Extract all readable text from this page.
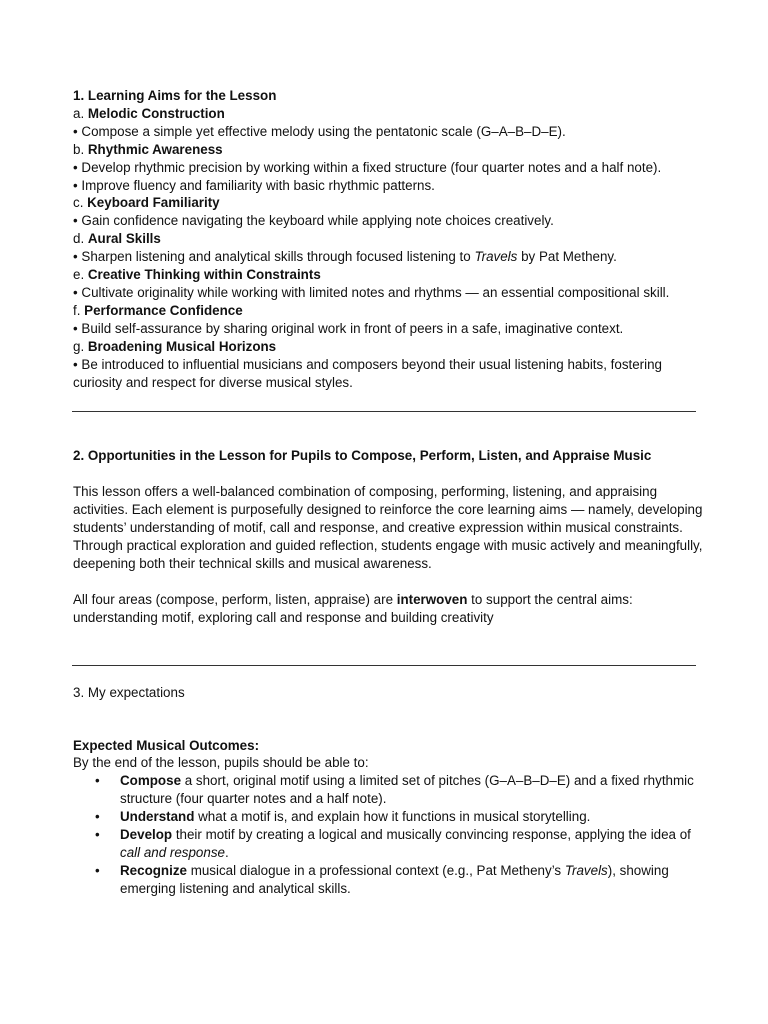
1. Learning Aims for the Lesson

a. Melodic Construction

• Compose a simple yet effective melody using the pentatonic scale (G–A–B–D–E).

b. Rhythmic Awareness

• Develop rhythmic precision by working within a fixed structure (four quarter notes and a half note).

• Improve fluency and familiarity with basic rhythmic patterns.

c. Keyboard Familiarity

• Gain confidence navigating the keyboard while applying note choices creatively.

d. Aural Skills

• Sharpen listening and analytical skills through focused listening to Travels by Pat Metheny.

e. Creative Thinking within Constraints

• Cultivate originality while working with limited notes and rhythms — an essential compositional skill.

f. Performance Confidence

• Build self-assurance by sharing original work in front of peers in a safe, imaginative context.

g. Broadening Musical Horizons

• Be introduced to influential musicians and composers beyond their usual listening habits, fostering curiosity and respect for diverse musical styles.

2. Opportunities in the Lesson for Pupils to Compose, Perform, Listen, and Appraise Music

This lesson offers a well-balanced combination of composing, performing, listening, and appraising activities. Each element is purposefully designed to reinforce the core learning aims — namely, developing students’ understanding of motif, call and response, and creative expression within musical constraints. Through practical exploration and guided reflection, students engage with music actively and meaningfully, deepening both their technical skills and musical awareness.

All four areas (compose, perform, listen, appraise) are interwoven to support the central aims: understanding motif, exploring call and response and building creativity

3. My expectations

Expected Musical Outcomes:

By the end of the lesson, pupils should be able to:

• Compose a short, original motif using a limited set of pitches (G–A–B–D–E) and a fixed rhythmic structure (four quarter notes and a half note).
• Understand what a motif is, and explain how it functions in musical storytelling.
• Develop their motif by creating a logical and musically convincing response, applying the idea of call and response.
• Recognize musical dialogue in a professional context (e.g., Pat Metheny’s Travels), showing emerging listening and analytical skills.
